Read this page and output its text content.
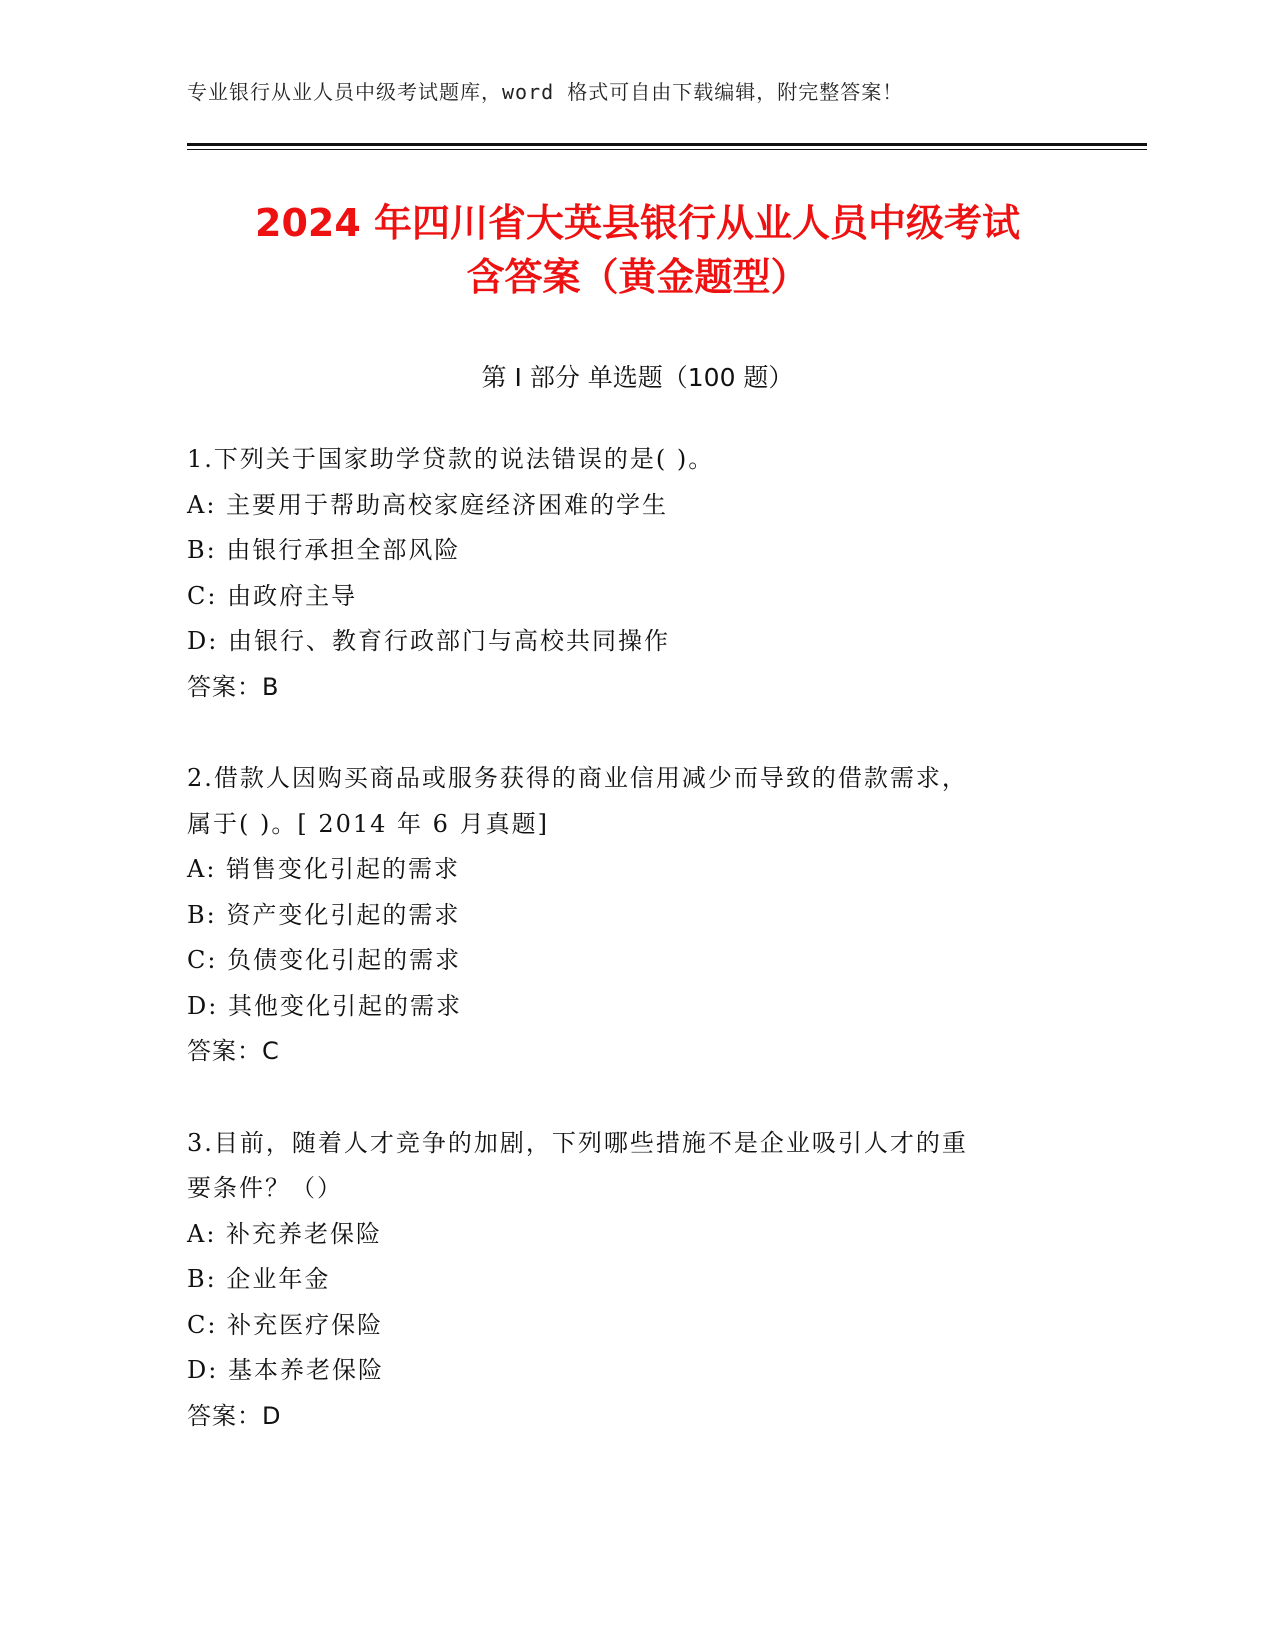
专业银行从业人员中级考试题库，word 格式可自由下载编辑，附完整答案！
2024 年四川省大英县银行从业人员中级考试
含答案（黄金题型）
第 I 部分 单选题（100 题）
1.下列关于国家助学贷款的说法错误的是( )。
A: 主要用于帮助高校家庭经济困难的学生
B: 由银行承担全部风险
C: 由政府主导
D: 由银行、教育行政部门与高校共同操作
答案：B
2.借款人因购买商品或服务获得的商业信用减少而导致的借款需求，
属于( )。[ 2014 年 6 月真题]
A: 销售变化引起的需求
B: 资产变化引起的需求
C: 负债变化引起的需求
D: 其他变化引起的需求
答案：C
3.目前，随着人才竞争的加剧，下列哪些措施不是企业吸引人才的重
要条件？（）
A: 补充养老保险
B: 企业年金
C: 补充医疗保险
D: 基本养老保险
答案：D
